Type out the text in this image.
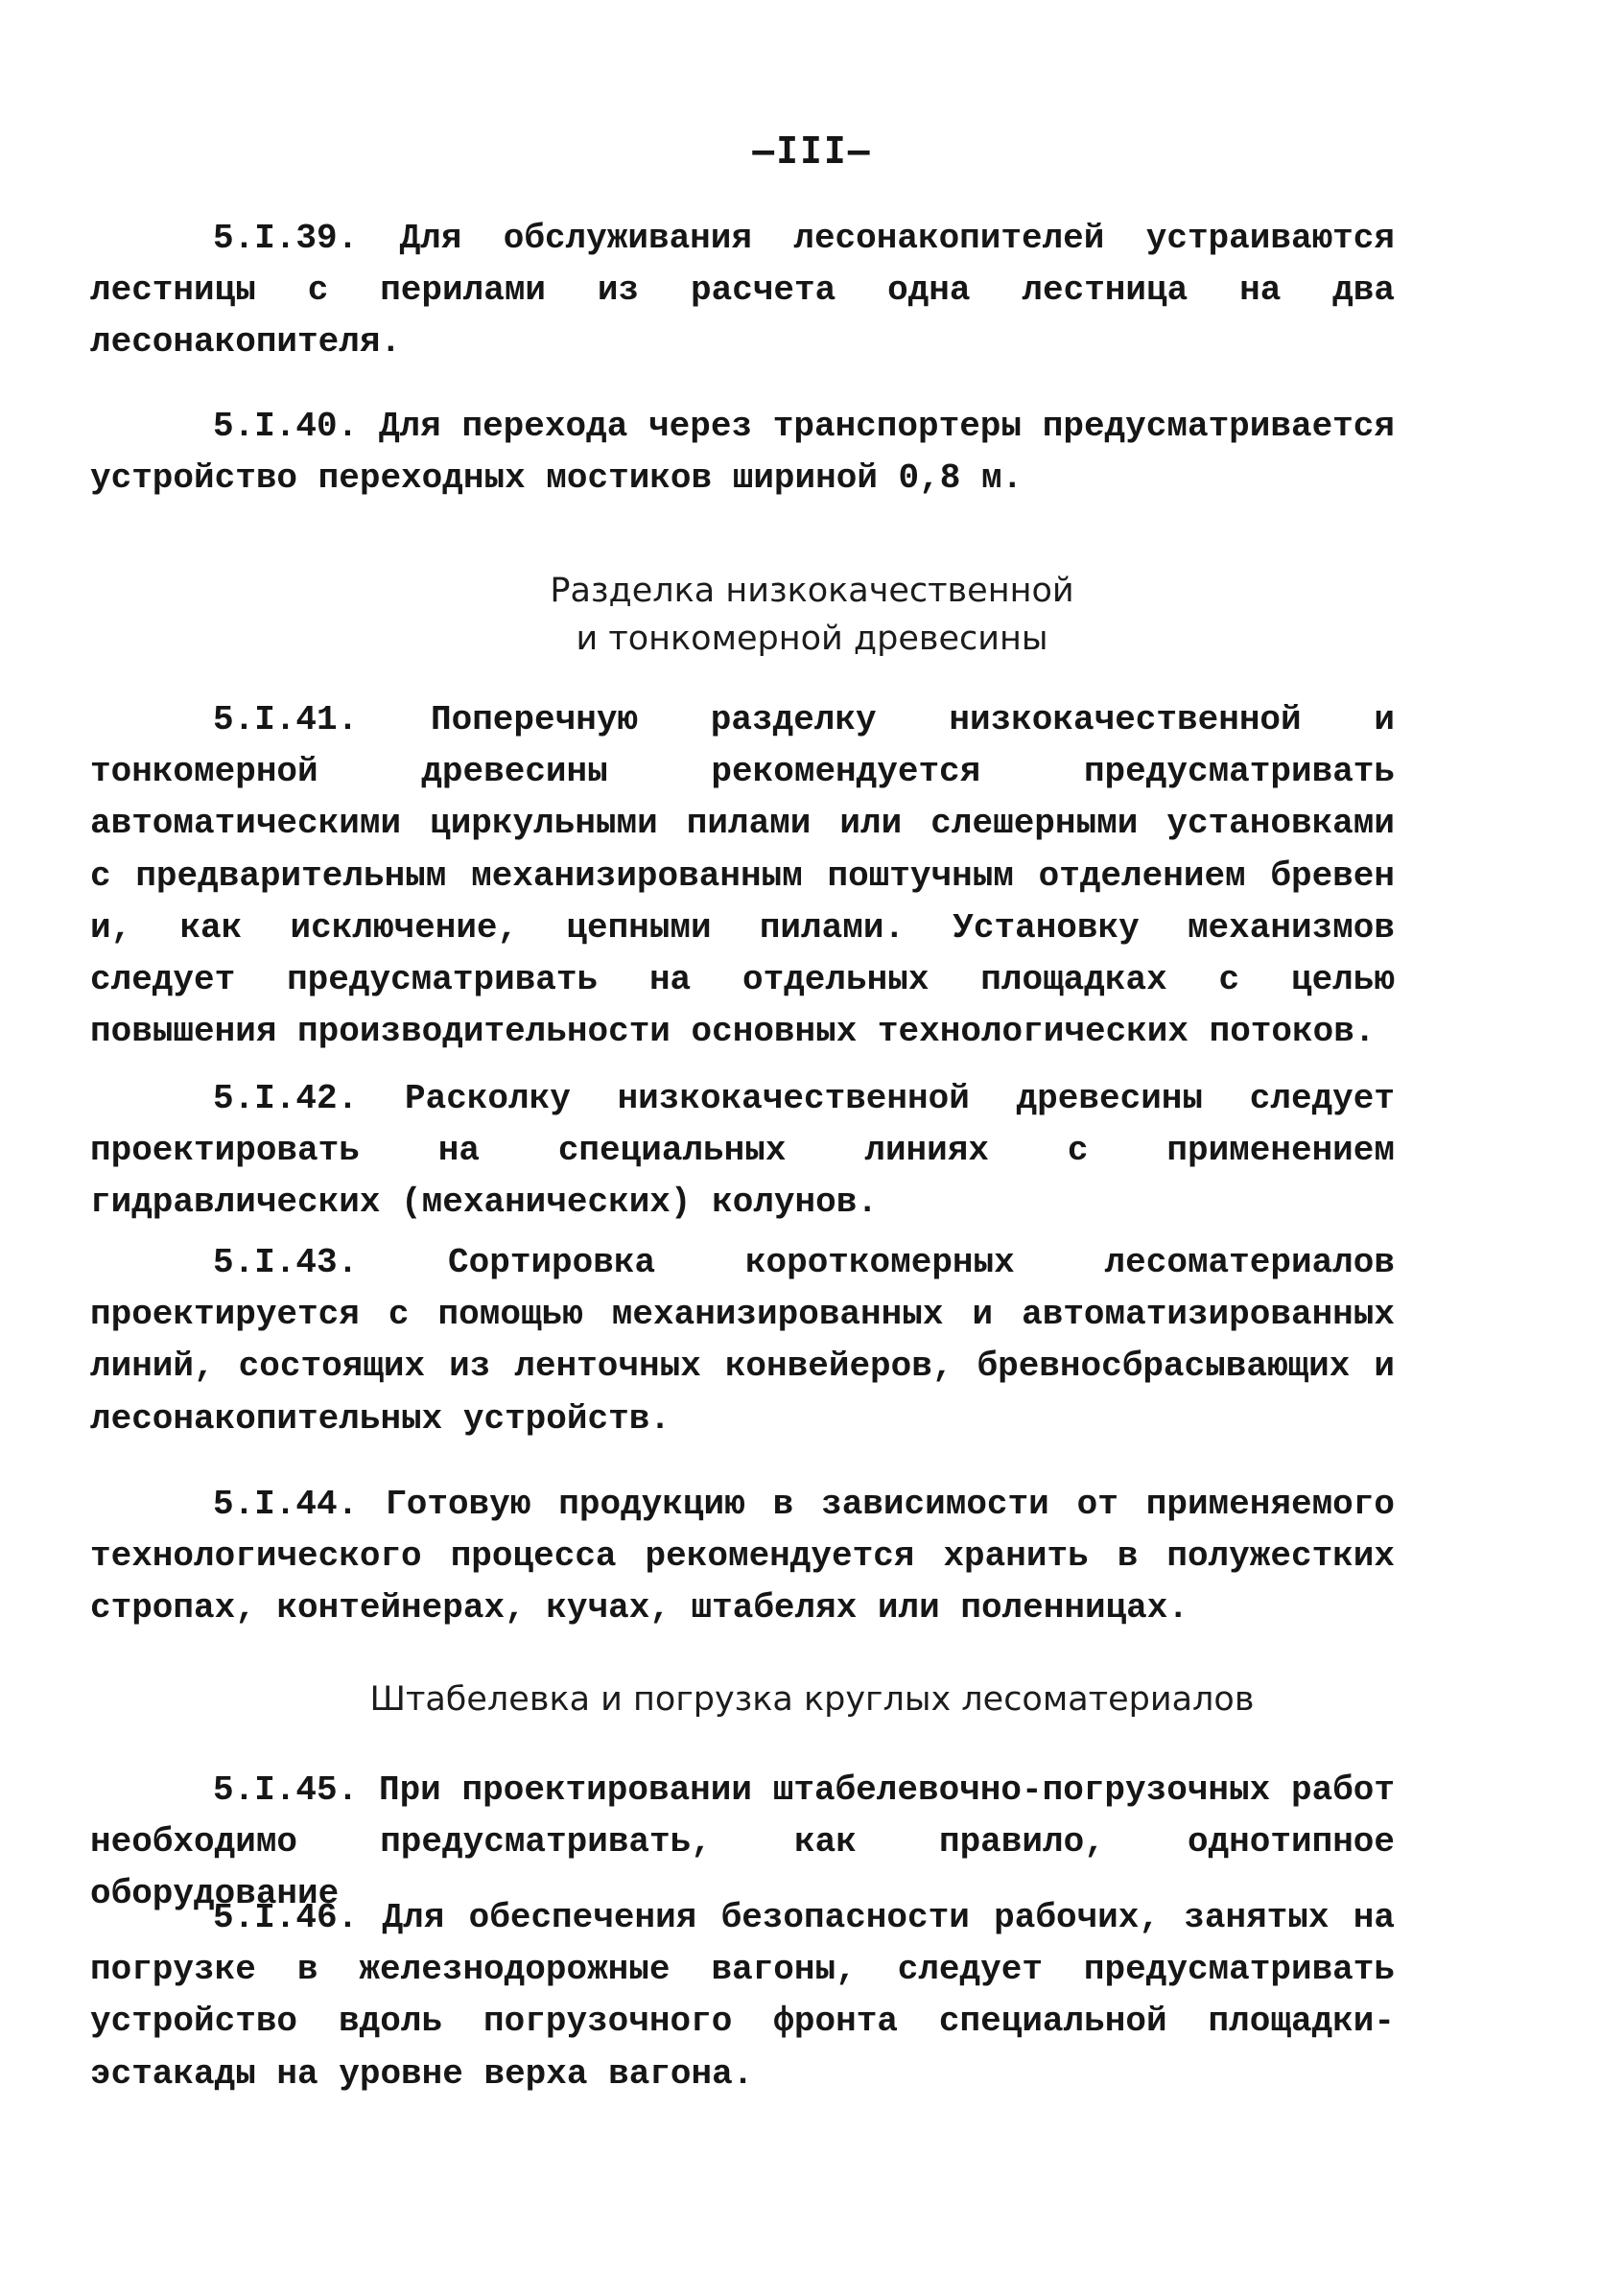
—III—

5.I.39. Для обслуживания лесонакопителей устраиваются лестницы с перилами из расчета одна лестница на два лесонакопителя.

5.I.40. Для перехода через транспортеры предусматривается устройство переходных мостиков шириной 0,8 м.

Разделка низкокачественной
и тонкомерной древесины

5.I.41. Поперечную разделку низкокачественной и тонкомерной древесины рекомендуется предусматривать автоматическими циркульными пилами или слешерными установками с предварительным механизированным поштучным отделением бревен и, как исключение, цепными пилами. Установку механизмов следует предусматривать на отдельных площадках с целью повышения производительности основных технологических потоков.

5.I.42. Расколку низкокачественной древесины следует проектировать на специальных линиях с применением гидравлических (механических) колунов.

5.I.43. Сортировка короткомерных лесоматериалов проектируется с помощью механизированных и автоматизированных линий, состоящих из ленточных конвейеров, бревносбрасывающих и лесонакопительных устройств.

5.I.44. Готовую продукцию в зависимости от применяемого технологического процесса рекомендуется хранить в полужестких стропах, контейнерах, кучах, штабелях или поленницах.

Штабелевка и погрузка круглых лесоматериалов

5.I.45. При проектировании штабелевочно-погрузочных работ необходимо предусматривать, как правило, однотипное оборудование

5.I.46. Для обеспечения безопасности рабочих, занятых на погрузке в железнодорожные вагоны, следует предусматривать устройство вдоль погрузочного фронта специальной площадки-эстакады на уровне верха вагона.
